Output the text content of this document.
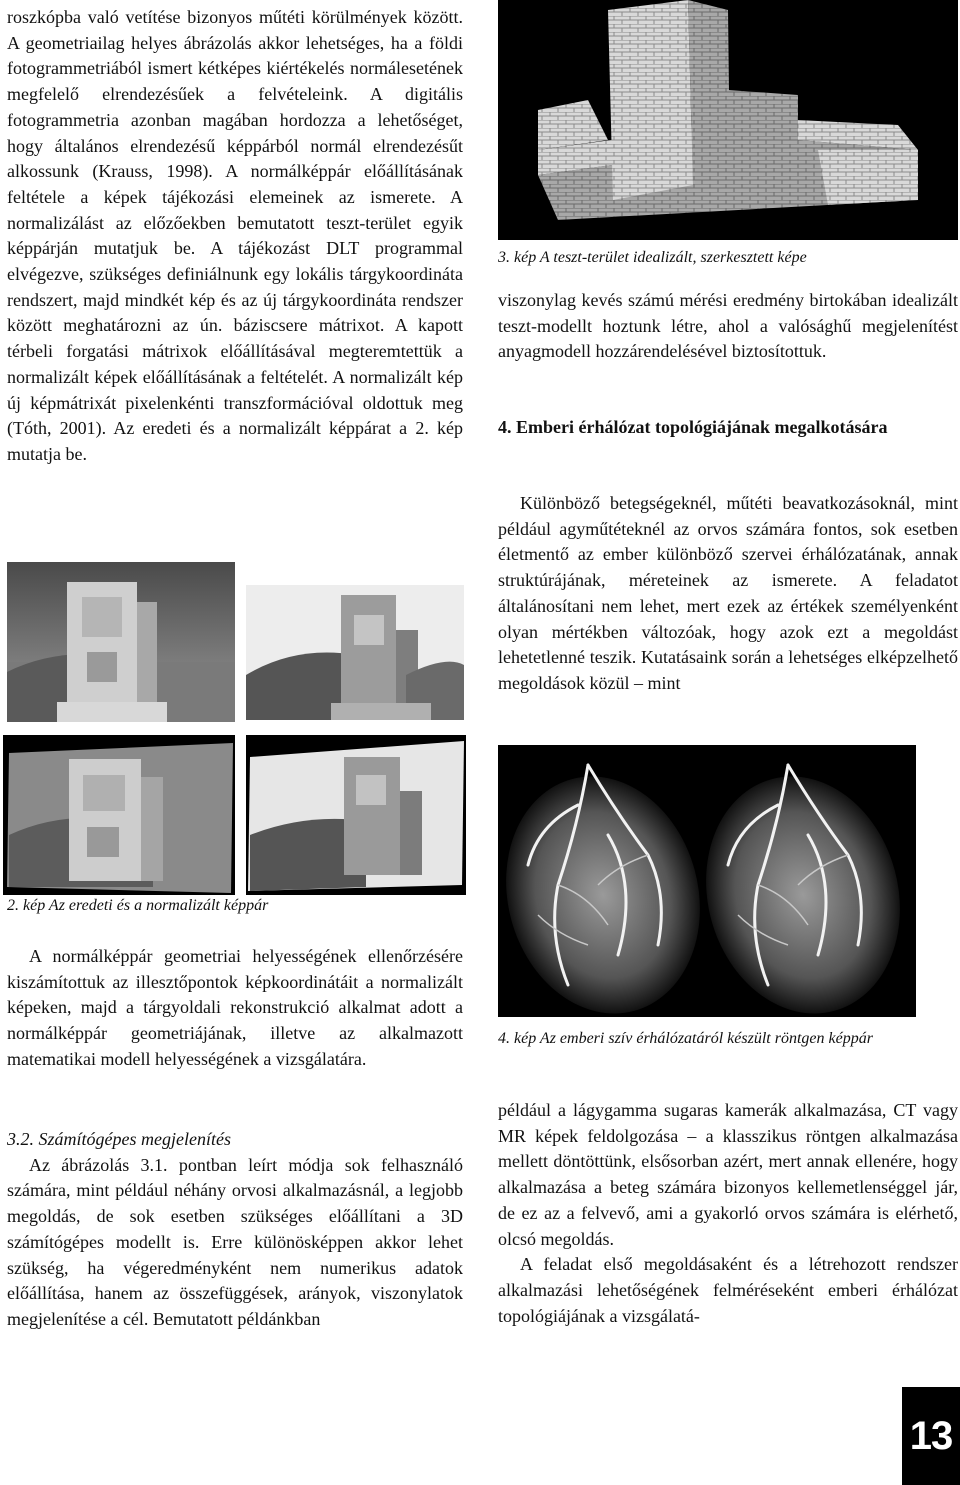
roszkópba való vetítése bizonyos műtéti körülmények között. A geometriailag helyes ábrázolás akkor lehetséges, ha a földi fotogrammetriából ismert kétképes kiértékelés normálesetének megfelelő elrendezésűek a felvételeink. A digitális fotogrammetria azonban magában hordozza a lehetőséget, hogy általános elrendezésű képpárból normál elrendezésűt alkossunk (Krauss, 1998). A normálképpár előállításának feltétele a képek tájékozási elemeinek az ismerete. A normalizálást az előzőekben bemutatott teszt-terület egyik képpárján mutatjuk be. A tájékozást DLT programmal elvégezve, szükséges definiálnunk egy lokális tárgykoordináta rendszert, majd mindkét kép és az új tárgykoordináta rendszer között meghatározni az ún. báziscsere mátrixot. A kapott térbeli forgatási mátrixok előállításával megteremtettük a normalizált képek előállításának a feltételét. A normalizált kép új képmátrixát pixelenkénti transzformációval oldottuk meg (Tóth, 2001). Az eredeti és a normalizált képpárat a 2. kép mutatja be.

2. kép Az eredeti és a normalizált képpár

A normálképpár geometriai helyességének ellenőrzésére kiszámítottuk az illesztőpontok képkoordinátáit a normalizált képeken, majd a tárgyoldali rekonstrukció alkalmat adott a normálképpár geometriájának, illetve az alkalmazott matematikai modell helyességének a vizsgálatára.

3.2. Számítógépes megjelenítés

Az ábrázolás 3.1. pontban leírt módja sok felhasználó számára, mint például néhány orvosi alkalmazásnál, a legjobb megoldás, de sok esetben szükséges előállítani a 3D számítógépes modellt is. Erre különösképpen akkor lehet szükség, ha végeredményként nem numerikus adatok előállítása, hanem az összefüggések, arányok, viszonylatok megjelenítése a cél. Bemutatott példánkban

3. kép A teszt-terület idealizált, szerkesztett képe

viszonylag kevés számú mérési eredmény birtokában idealizált teszt-modellt hoztunk létre, ahol a valósághű megjelenítést anyagmodell hozzárendelésével biztosítottuk.

4. Emberi érhálózat topológiájának megalkotására

Különböző betegségeknél, műtéti beavatkozásoknál, mint például agyműtéteknél az orvos számára fontos, sok esetben életmentő az ember különböző szervei érhálózatának, annak struktúrájának, méreteinek az ismerete. A feladatot általánosítani nem lehet, mert ezek az értékek személyenként olyan mértékben változóak, hogy azok ezt a megoldást lehetetlenné teszik. Kutatásaink során a lehetséges elképzelhető megoldások közül – mint

4. kép Az emberi szív érhálózatáról készült röntgen képpár

például a lágygamma sugaras kamerák alkalmazása, CT vagy MR képek feldolgozása – a klasszikus röntgen alkalmazása mellett döntöttünk, elsősorban azért, mert annak ellenére, hogy alkalmazása a beteg számára bizonyos kellemetlenséggel jár, de ez az a felvevő, ami a gyakorló orvos számára is elérhető, olcsó megoldás.

A feladat első megoldásaként és a létrehozott rendszer alkalmazási lehetőségének felméréseként emberi érhálózat topológiájának a vizsgálatá-

13
